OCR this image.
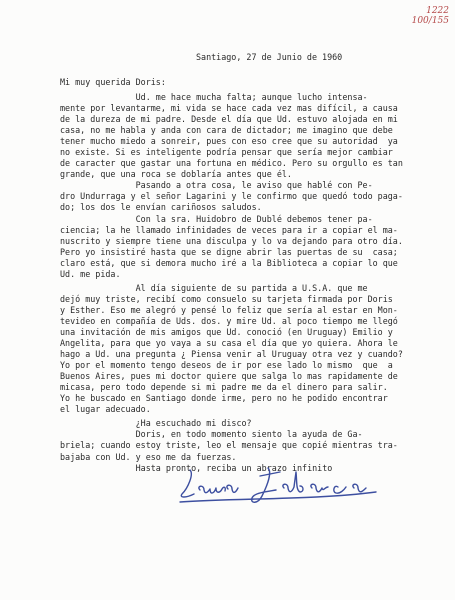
1222
100/155
Santiago, 27 de Junio de 1960
Mi muy querida Doris:
Ud. me hace mucha falta; aunque lucho intensa-
mente por levantarme, mi vida se hace cada vez mas difícil, a causa
de la dureza de mi padre. Desde el día que Ud. estuvo alojada en mi
casa, no me habla y anda con cara de dictador; me imagino que debe
tener mucho miedo a sonreir, pues con eso cree que su autoridad  ya
no existe. Si es inteligente podría pensar que sería mejor cambiar
de caracter que gastar una fortuna en médico. Pero su orgullo es tan
grande, que una roca se doblaría antes que él.
Pasando a otra cosa, le aviso que hablé con Pe-
dro Undurraga y el señor Lagarini y le confirmo que quedó todo paga-
do; los dos le envían cariñosos saludos.
Con la sra. Huidobro de Dublé debemos tener pa-
ciencia; la he llamado infinidades de veces para ir a copiar el ma-
nuscrito y siempre tiene una disculpa y lo va dejando para otro día.
Pero yo insistiré hasta que se digne abrir las puertas de su  casa;
claro está, que si demora mucho iré a la Biblioteca a copiar lo que
Ud. me pida.
Al día siguiente de su partida a U.S.A. que me
dejó muy triste, recibí como consuelo su tarjeta firmada por Doris
y Esther. Eso me alegró y pensé lo feliz que sería al estar en Mon-
tevideo en compañía de Uds. dos. y mire Ud. al poco tiempo me llegó
una invitación de mis amigos que Ud. conoció (en Uruguay) Emilio y
Angelita, para que yo vaya a su casa el día que yo quiera. Ahora le
hago a Ud. una pregunta ¿ Piensa venir al Uruguay otra vez y cuando?
Yo por el momento tengo deseos de ir por ese lado lo mismo  que  a
Buenos Aires, pues mi doctor quiere que salga lo mas rapidamente de
micasa, pero todo depende si mi padre me da el dinero para salir.
Yo he buscado en Santiago donde irme, pero no he podido encontrar
el lugar adecuado.
¿Ha escuchado mi disco?
Doris, en todo momento siento la ayuda de Ga-
briela; cuando estoy triste, leo el mensaje que copié mientras tra-
bajaba con Ud. y eso me da fuerzas.
Hasta pronto, reciba un abrazo infinito
